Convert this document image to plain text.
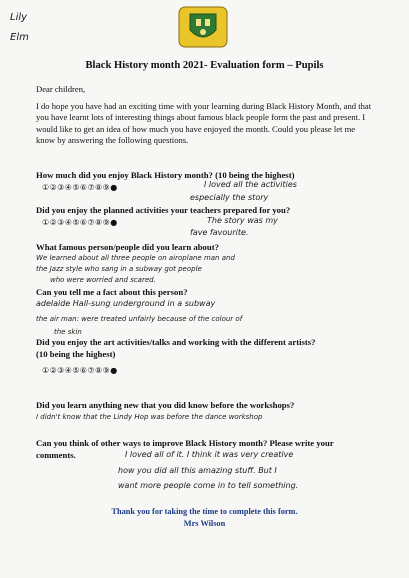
Lily
Elm
Black History month 2021- Evaluation form – Pupils
Dear children,
I do hope you have had an exciting time with your learning during Black History Month, and that you have learnt lots of interesting things about famous black people form the past and present. I would like to get an idea of how much you have enjoyed the month. Could you please let me know by answering the following questions.
How much did you enjoy Black History month? (10 being the highest)
①②③④⑤⑥⑦⑧⑨●	I loved all the activities
especially the story
Did you enjoy the planned activities your teachers prepared for you?
①②③④⑤⑥⑦⑧⑨●	The story was my
fave favourite.
What famous person/people did you learn about?
We learned about all three people on airoplane man and
the Jazz style who sang in a subway got people
who were worried and scared.
Can you tell me a fact about this person?
adelaide Hall-sung underground in a subway
the air man: were treated unfairly because of the colour of
the skin
Did you enjoy the art activities/talks and working with the different artists?
(10 being the highest)
①②③④⑤⑥⑦⑧⑨●
Did you learn anything new that you did know before the workshops?
I didn't know that the Lindy Hop was before the dance workshop
Can you think of other ways to improve Black History month? Please write your
comments.	I loved all of it. I think it was very creative
how you did all this amazing stuff. But I
want more people come in to tell something.
Thank you for taking the time to complete this form.
Mrs Wilson
